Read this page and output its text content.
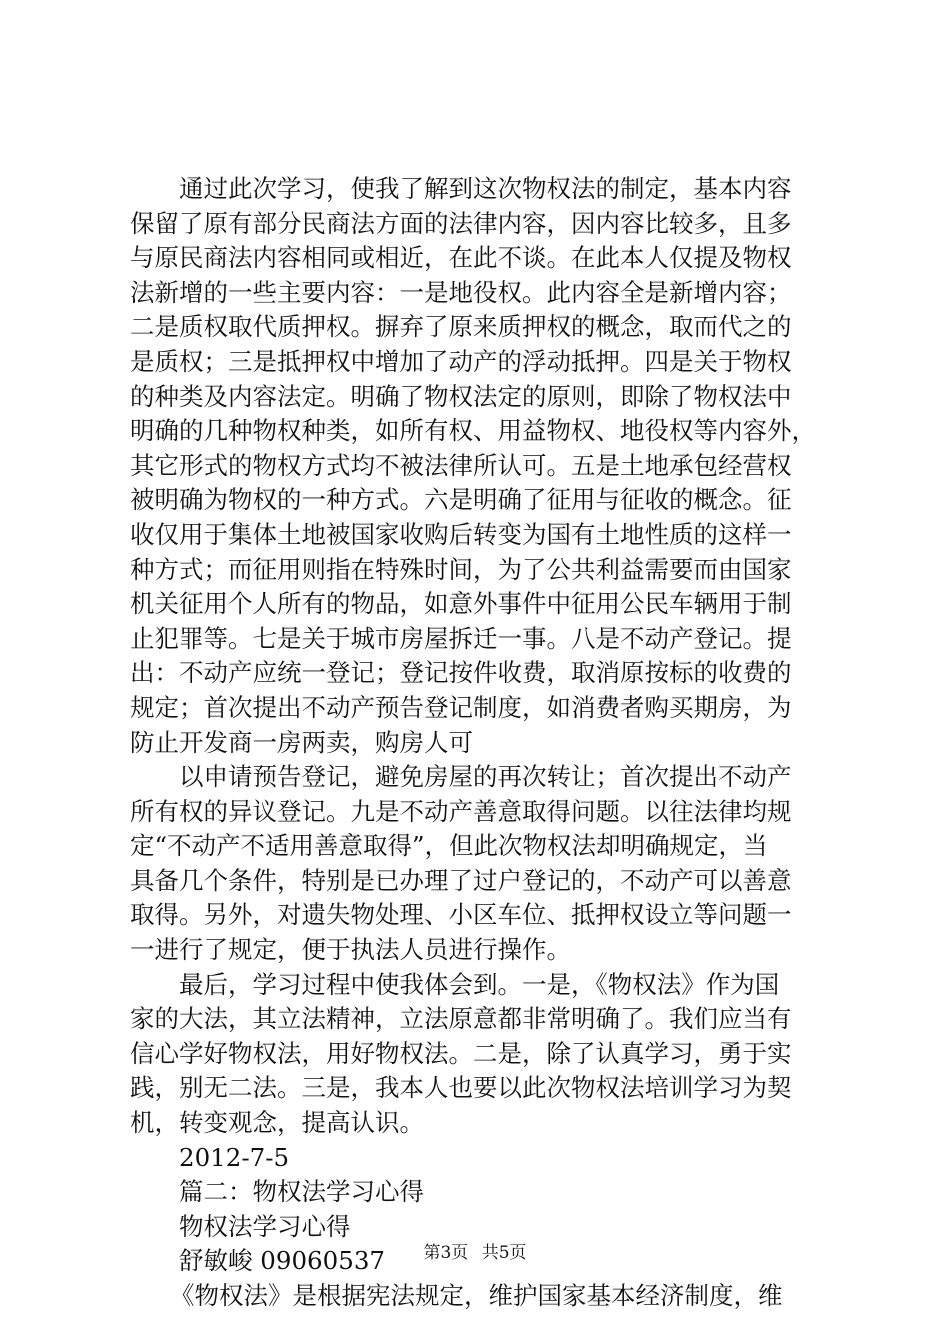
通过此次学习，使我了解到这次物权法的制定，基本内容
保留了原有部分民商法方面的法律内容，因内容比较多，且多
与原民商法内容相同或相近，在此不谈。在此本人仅提及物权
法新增的一些主要内容：一是地役权。此内容全是新增内容；
二是质权取代质押权。摒弃了原来质押权的概念，取而代之的
是质权；三是抵押权中增加了动产的浮动抵押。四是关于物权
的种类及内容法定。明确了物权法定的原则，即除了物权法中
明确的几种物权种类，如所有权、用益物权、地役权等内容外，
其它形式的物权方式均不被法律所认可。五是土地承包经营权
被明确为物权的一种方式。六是明确了征用与征收的概念。征
收仅用于集体土地被国家收购后转变为国有土地性质的这样一
种方式；而征用则指在特殊时间，为了公共利益需要而由国家
机关征用个人所有的物品，如意外事件中征用公民车辆用于制
止犯罪等。七是关于城市房屋拆迁一事。八是不动产登记。提
出：不动产应统一登记；登记按件收费，取消原按标的收费的
规定；首次提出不动产预告登记制度，如消费者购买期房，为
防止开发商一房两卖，购房人可
以申请预告登记，避免房屋的再次转让；首次提出不动产
所有权的异议登记。九是不动产善意取得问题。以往法律均规
定“不动产不适用善意取得”，但此次物权法却明确规定，当
具备几个条件，特别是已办理了过户登记的，不动产可以善意
取得。另外，对遗失物处理、小区车位、抵押权设立等问题一
一进行了规定，便于执法人员进行操作。
最后，学习过程中使我体会到。一是，《物权法》作为国
家的大法，其立法精神，立法原意都非常明确了。我们应当有
信心学好物权法，用好物权法。二是，除了认真学习，勇于实
践，别无二法。三是，我本人也要以此次物权法培训学习为契
机，转变观念，提高认识。
2012-7-5
篇二：物权法学习心得
物权法学习心得
舒敏峻 09060537
《物权法》是根据宪法规定，维护国家基本经济制度，维
第3页 共5页
